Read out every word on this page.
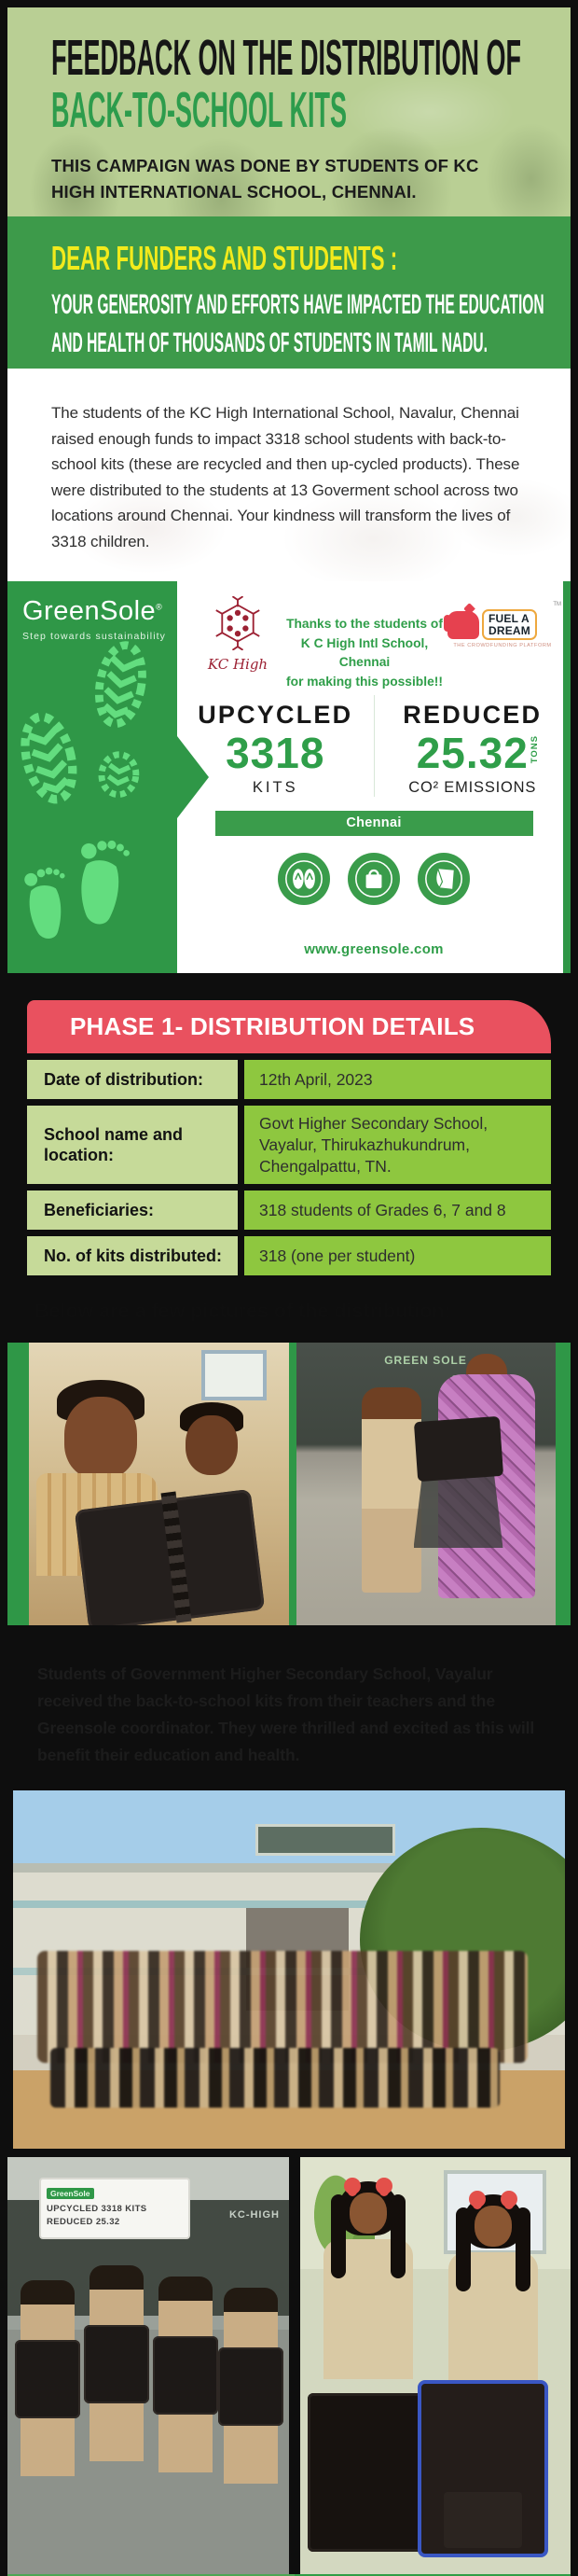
FEEDBACK ON THE DISTRIBUTION OF
BACK-TO-SCHOOL KITS
THIS CAMPAIGN WAS DONE BY STUDENTS OF KC HIGH INTERNATIONAL SCHOOL, CHENNAI.
DEAR FUNDERS AND STUDENTS :
YOUR GENEROSITY AND EFFORTS HAVE IMPACTED THE EDUCATION
AND HEALTH OF THOUSANDS OF STUDENTS IN TAMIL NADU.

The students of the KC High International School, Navalur, Chennai raised enough funds to impact 3318 school students with back-to-school kits (these are recycled and then up-cycled products). These were distributed to the students at 13 Goverment school across two locations around Chennai. Your kindness will transform the lives of 3318 children.

GreenSole®
Step towards sustainability
KC High
Thanks to the students of
K C High Intl School, Chennai
for making this possible!!
FUEL A
DREAM
TM
THE CROWDFUNDING PLATFORM
UPCYCLED
3318
KITS
REDUCED
25.32 TONS
CO² EMISSIONS
Chennai
www.greensole.com
PHASE 1- DISTRIBUTION DETAILS
Date of distribution:	12th April, 2023
School name and location:
Govt Higher Secondary School, Vayalur, Thirukazhukundrum, Chengalpattu, TN.
Beneficiaries:	318 students of Grades 6, 7 and 8
No. of kits distributed:	318 (one per student)
Below are a few pictures of the distribution:
GREEN SOLE

Students of Government Higher Secondary School, Vayalur received the back-to-school kits from their teachers and the Greensole coordinator. They were thrilled and excited as this will benefit their education and health.

GreenSole
UPCYCLED 3318 KITS
REDUCED 25.32
KC-HIGH
